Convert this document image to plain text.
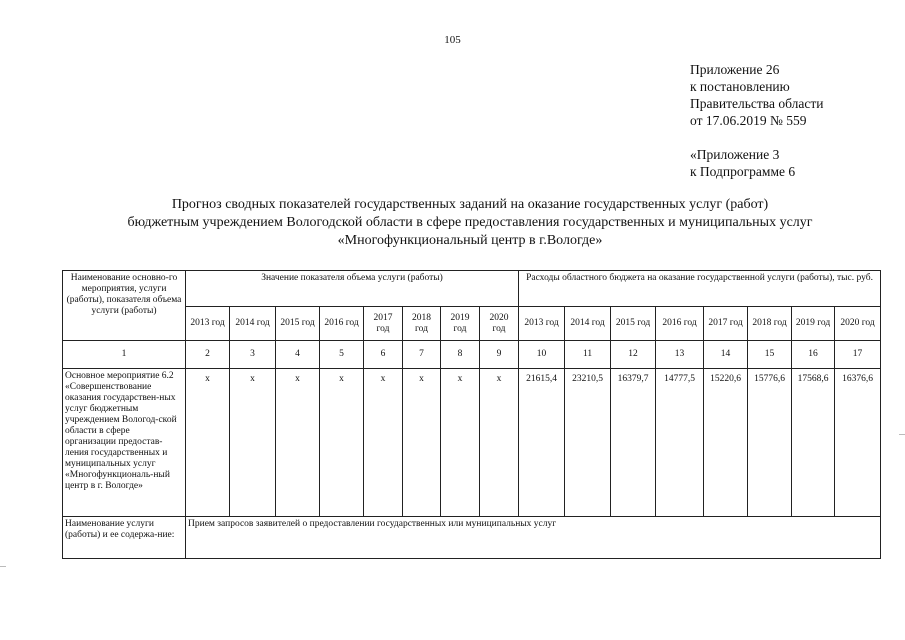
105
Приложение 26
к постановлению
Правительства области
от 17.06.2019 № 559
«Приложение 3
к Подпрограмме 6
Прогноз сводных показателей государственных заданий на оказание государственных услуг (работ)
бюджетным учреждением Вологодской области в сфере предоставления государственных и муниципальных услуг
«Многофункциональный центр в г.Вологде»
Наименование основно-го мероприятия, услуги (работы), показателя объема услуги (работы)	Значение показателя объема услуги (работы)								Расходы областного бюджета на оказание государственной услуги (работы), тыс. руб.							
	2013 год	2014 год	2015 год	2016 год	2017 год	2018 год	2019 год	2020 год	2013 год	2014 год	2015 год	2016 год	2017 год	2018 год	2019 год	2020 год
1	2	3	4	5	6	7	8	9	10	11	12	13	14	15	16	17
Основное мероприятие 6.2 «Совершенствование оказания государствен-ных услуг бюджетным учреждением Вологод-ской области в сфере организации предостав-ления государственных и муниципальных услуг «Многофункциональ-ный центр в г. Вологде»	х	х	х	х	х	х	х	х	21615,4	23210,5	16379,7	14777,5	15220,6	15776,6	17568,6	16376,6
Наименование услуги (работы) и ее содержа-ние:	Прием запросов заявителей о предоставлении государственных или муниципальных услуг															
